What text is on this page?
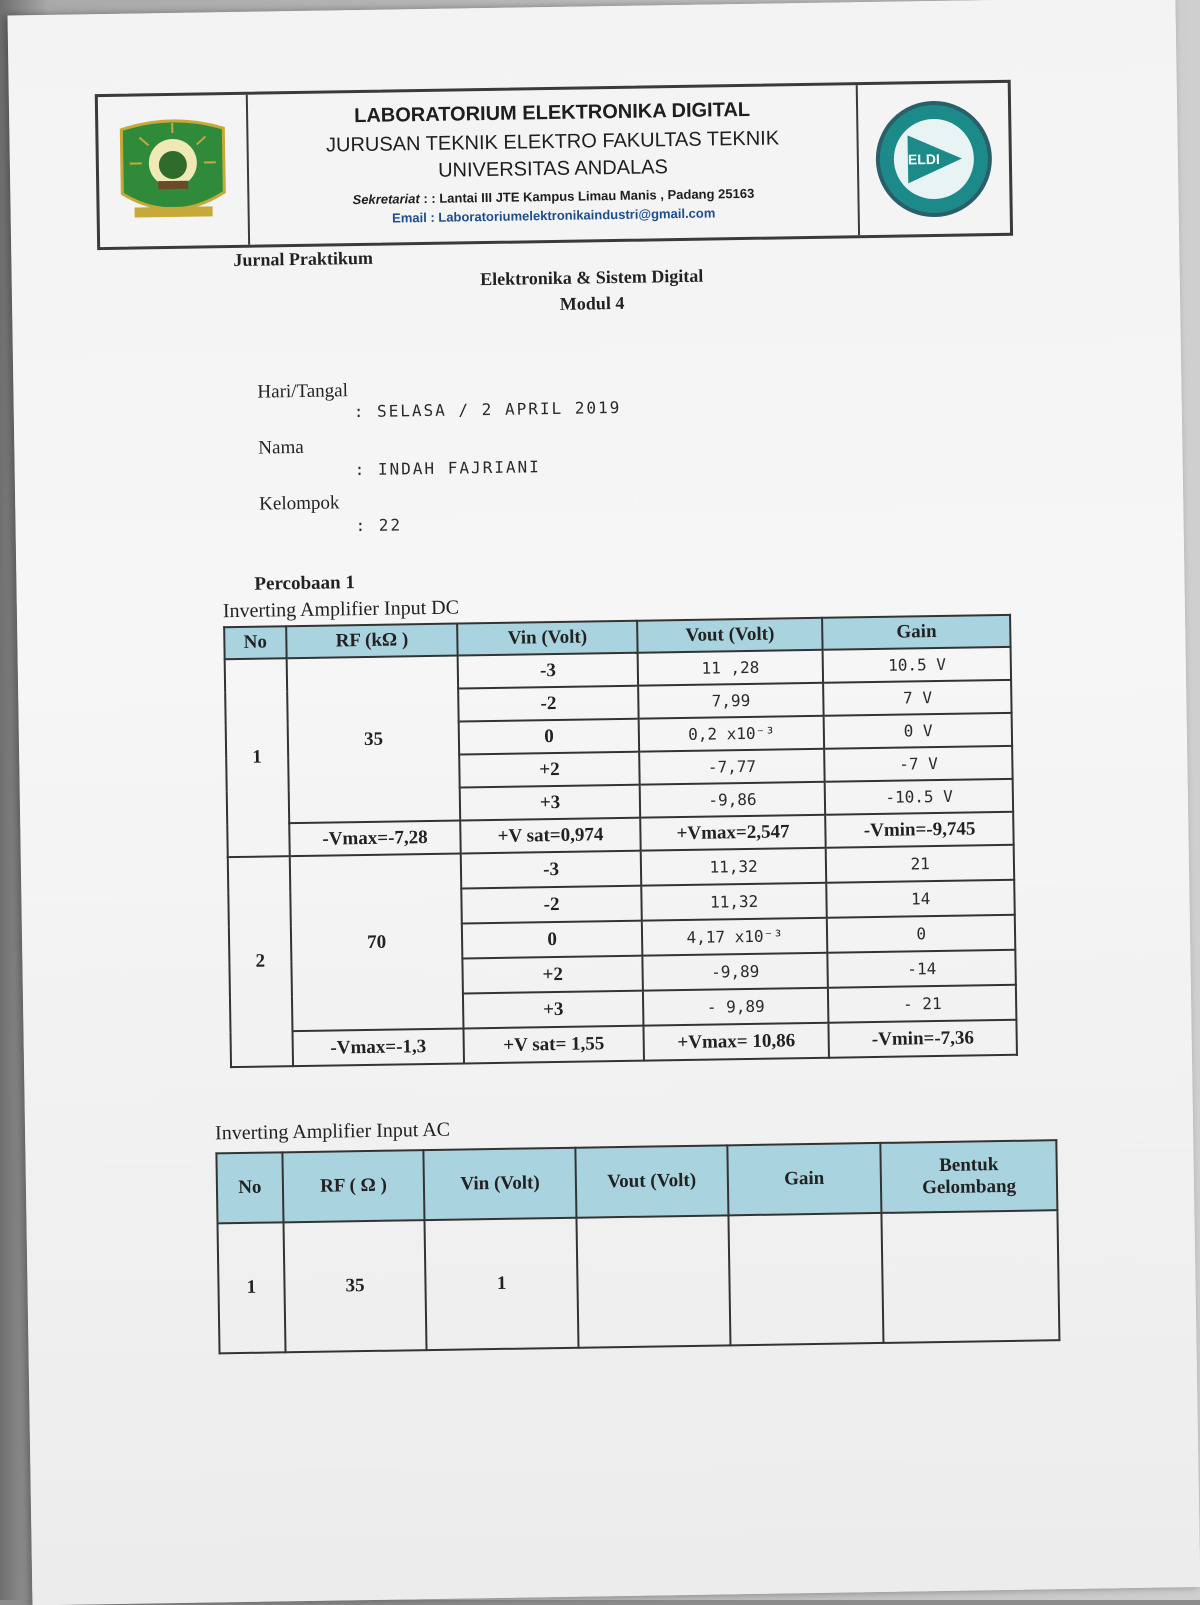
LABORATORIUM ELEKTRONIKA DIGITAL
JURUSAN TEKNIK ELEKTRO FAKULTAS TEKNIK
UNIVERSITAS ANDALAS
Sekretariat : : Lantai III JTE Kampus Limau Manis , Padang 25163
Email : Laboratoriumelektronikaindustri@gmail.com
ELDI
Jurnal Praktikum
Elektronika & Sistem Digital
Modul 4
Hari/Tangal
: SELASA / 2 APRIL 2019
Nama
: INDAH FAJRIANI
Kelompok
: 22
Percobaan 1
Inverting Amplifier Input DC
No	RF (kΩ )	Vin (Volt)	Vout (Volt)	Gain
1	35	-3	11 ,28	10.5 V
		-2	7,99	7 V
		0	0,2 x10⁻³	0 V
		+2	-7,77	-7 V
		+3	-9,86	-10.5 V
	-Vmax=-7,28	+V sat=0,974	+Vmax=2,547	-Vmin=-9,745
2	70	-3	11,32	21
		-2	11,32	14
		0	4,17 x10⁻³	0
		+2	-9,89	-14
		+3	- 9,89	- 21
	-Vmax=-1,3	+V sat= 1,55	+Vmax= 10,86	-Vmin=-7,36
Inverting Amplifier Input AC
No	RF ( Ω )	Vin (Volt)	Vout (Volt)	Gain	Bentuk Gelombang
1	35	1			
